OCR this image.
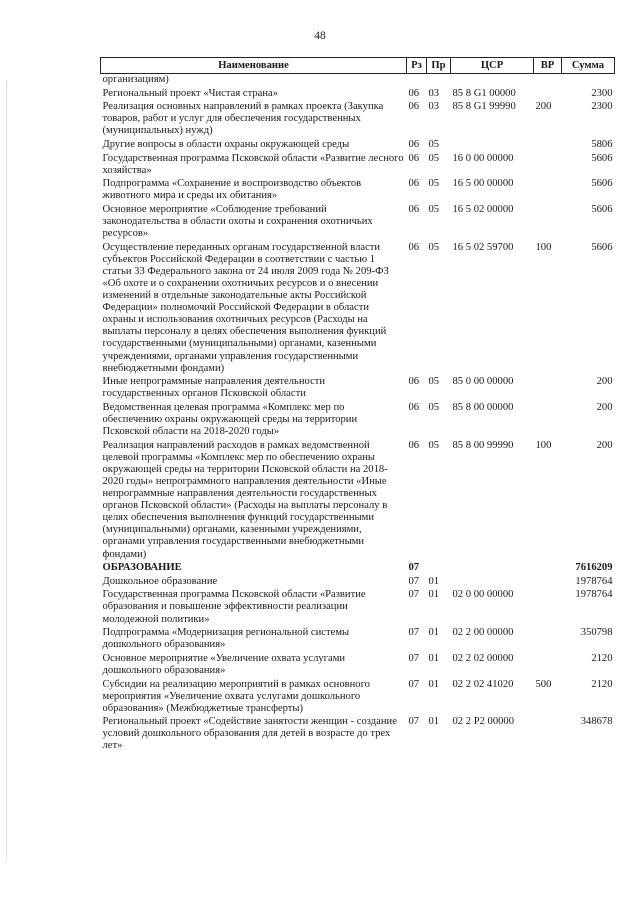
48
Наименование	Рз	Пр	ЦСР	ВР	Сумма
организациям)					
Региональный проект «Чистая страна»	06	03	85 8 G1 00000		2300
Реализация основных направлений в рамках проекта (Закупка товаров, работ и услуг для обеспечения государственных (муниципальных) нужд)	06	03	85 8 G1 99990	200	2300
Другие вопросы в области охраны окружающей среды	06	05			5806
Государственная программа Псковской области «Развитие лесного хозяйства»	06	05	16 0 00 00000		5606
Подпрограмма «Сохранение и воспроизводство объектов животного мира и среды их обитания»	06	05	16 5 00 00000		5606
Основное мероприятие «Соблюдение требований законодательства в области охоты и сохранения охотничьих ресурсов»	06	05	16 5 02 00000		5606
Осуществление переданных органам государственной власти субъектов Российской Федерации в соответствии с частью 1 статьи 33 Федерального закона от 24 июля 2009 года № 209-ФЗ «Об охоте и о сохранении охотничьих ресурсов и о внесении изменений в отдельные законодательные акты Российской Федерации» полномочий Российской Федерации в области охраны и использования охотничьих ресурсов (Расходы на выплаты персоналу в целях обеспечения выполнения функций государственными (муниципальными) органами, казенными учреждениями, органами управления государственными внебюджетными фондами)	06	05	16 5 02 59700	100	5606
Иные непрограммные направления деятельности государственных органов Псковской области	06	05	85 0 00 00000		200
Ведомственная целевая программа «Комплекс мер по обеспечению охраны окружающей среды на территории Псковской области на 2018-2020 годы»	06	05	85 8 00 00000		200
Реализация направлений расходов в рамках ведомственной целевой программы «Комплекс мер по обеспечению охраны окружающей среды на территории Псковской области на 2018-2020 годы» непрограммного направления деятельности «Иные непрограммные направления деятельности государственных органов Псковской области» (Расходы на выплаты персоналу в целях обеспечения выполнения функций государственными (муниципальными) органами, казенными учреждениями, органами управления государственными внебюджетными фондами)	06	05	85 8 00 99990	100	200
ОБРАЗОВАНИЕ	07				7616209
Дошкольное образование	07	01			1978764
Государственная программа Псковской области «Развитие образования и повышение эффективности реализации молодежной политики»	07	01	02 0 00 00000		1978764
Подпрограмма «Модернизация региональной системы дошкольного образования»	07	01	02 2 00 00000		350798
Основное мероприятие «Увеличение охвата услугами дошкольного образования»	07	01	02 2 02 00000		2120
Субсидии на реализацию мероприятий в рамках основного мероприятия «Увеличение охвата услугами дошкольного образования» (Межбюджетные трансферты)	07	01	02 2 02 41020	500	2120
Региональный проект «Содействие занятости женщин - создание условий дошкольного образования для детей в возрасте до трех лет»	07	01	02 2 P2 00000		348678
